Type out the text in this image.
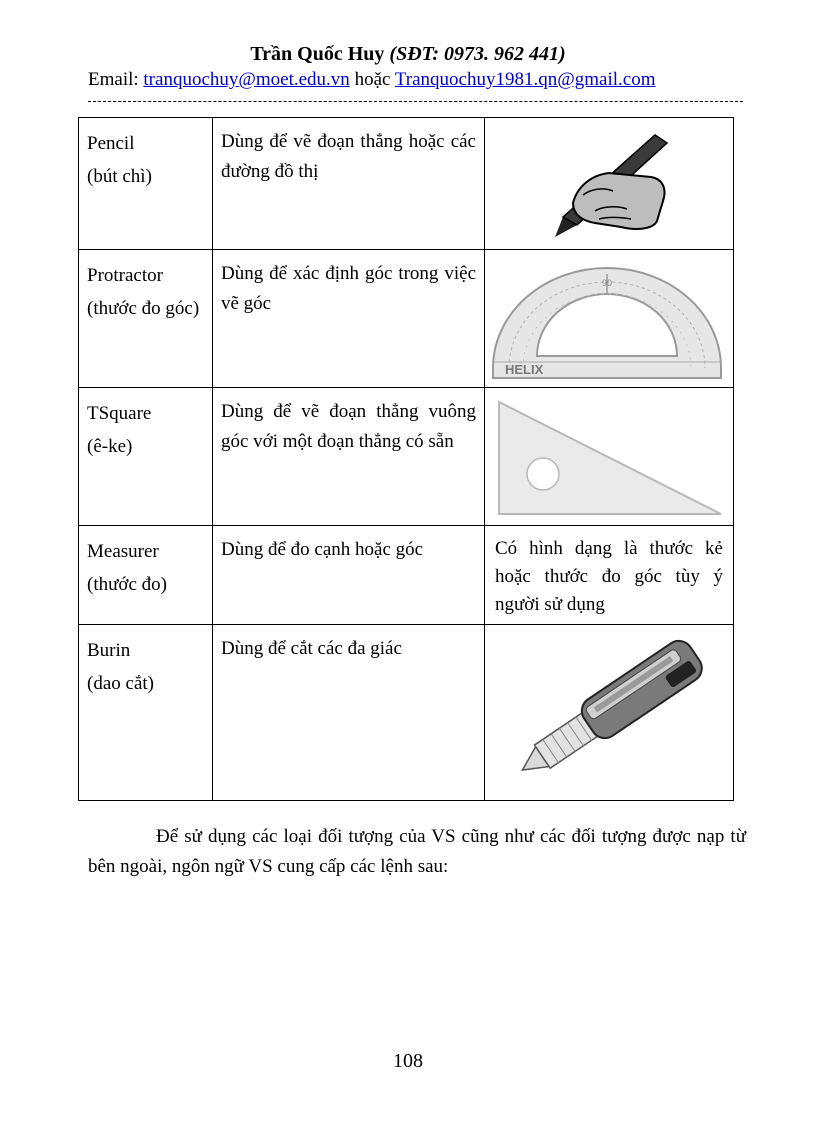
Trần Quốc Huy (SĐT: 0973. 962 441)
Email: tranquochuy@moet.edu.vn hoặc Tranquochuy1981.qn@gmail.com
Pencil
(bút chì)	Dùng để vẽ đoạn thẳng hoặc các đường đồ thị	

Protractor
(thước đo góc)	Dùng để xác định góc trong việc vẽ góc	90
HELIX

TSquare
(ê-ke)	Dùng để vẽ đoạn thẳng vuông góc với một đoạn thẳng có sẵn	

Measurer
(thước đo)	Dùng để đo cạnh hoặc góc	Có hình dạng là thước kẻ hoặc thước đo góc tùy ý người sử dụng

Burin
(dao cắt)	Dùng để cắt các đa giác	
Để sử dụng các loại đối tượng của VS cũng như các đối tượng được nạp từ bên ngoài, ngôn ngữ VS cung cấp các lệnh sau:
108
